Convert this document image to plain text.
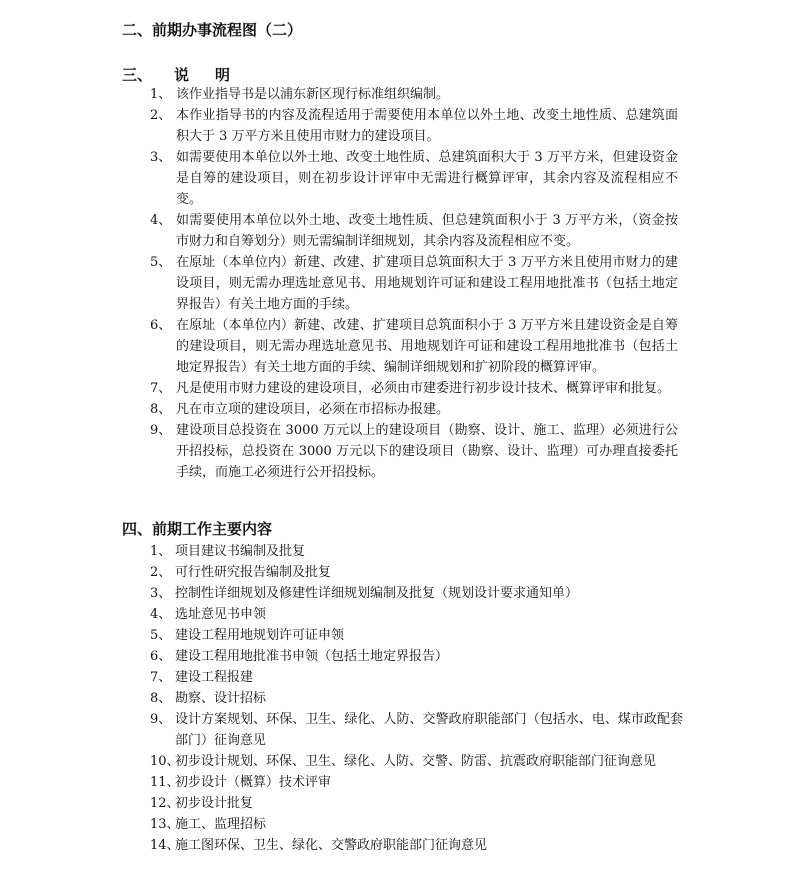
二、前期办事流程图（二）
三、 说 明
1、 该作业指导书是以浦东新区现行标准组织编制。
2、 本作业指导书的内容及流程适用于需要使用本单位以外土地、改变土地性质、总建筑面积大于 3 万平方米且使用市财力的建设项目。
3、 如需要使用本单位以外土地、改变土地性质、总建筑面积大于 3 万平方米，但建设资金是自筹的建设项目，则在初步设计评审中无需进行概算评审，其余内容及流程相应不变。
4、 如需要使用本单位以外土地、改变土地性质、但总建筑面积小于 3 万平方米，（资金按市财力和自筹划分）则无需编制详细规划，其余内容及流程相应不变。
5、 在原址（本单位内）新建、改建、扩建项目总筑面积大于 3 万平方米且使用市财力的建设项目，则无需办理选址意见书、用地规划许可证和建设工程用地批准书（包括土地定界报告）有关土地方面的手续。
6、 在原址（本单位内）新建、改建、扩建项目总筑面积小于 3 万平方米且建设资金是自筹的建设项目，则无需办理选址意见书、用地规划许可证和建设工程用地批准书（包括土地定界报告）有关土地方面的手续、编制详细规划和扩初阶段的概算评审。
7、 凡是使用市财力建设的建设项目，必须由市建委进行初步设计技术、概算评审和批复。
8、 凡在市立项的建设项目，必须在市招标办报建。
9、 建设项目总投资在 3000 万元以上的建设项目（勘察、设计、施工、监理）必须进行公开招投标，总投资在 3000 万元以下的建设项目（勘察、设计、监理）可办理直接委托手续，而施工必须进行公开招投标。
四、前期工作主要内容
1、 项目建议书编制及批复
2、 可行性研究报告编制及批复
3、 控制性详细规划及修建性详细规划编制及批复（规划设计要求通知单）
4、 选址意见书申领
5、 建设工程用地规划许可证申领
6、 建设工程用地批准书申领（包括土地定界报告）
7、 建设工程报建
8、 勘察、设计招标
9、 设计方案规划、环保、卫生、绿化、人防、交警政府职能部门（包括水、电、煤市政配套部门）征询意见
10、
初步设计规划、环保、卫生、绿化、人防、交警、防雷、抗震政府职能部门征询意见
11、
初步设计（概算）技术评审
12、
初步设计批复
13、
施工、监理招标
14、
施工图环保、卫生、绿化、交警政府职能部门征询意见
